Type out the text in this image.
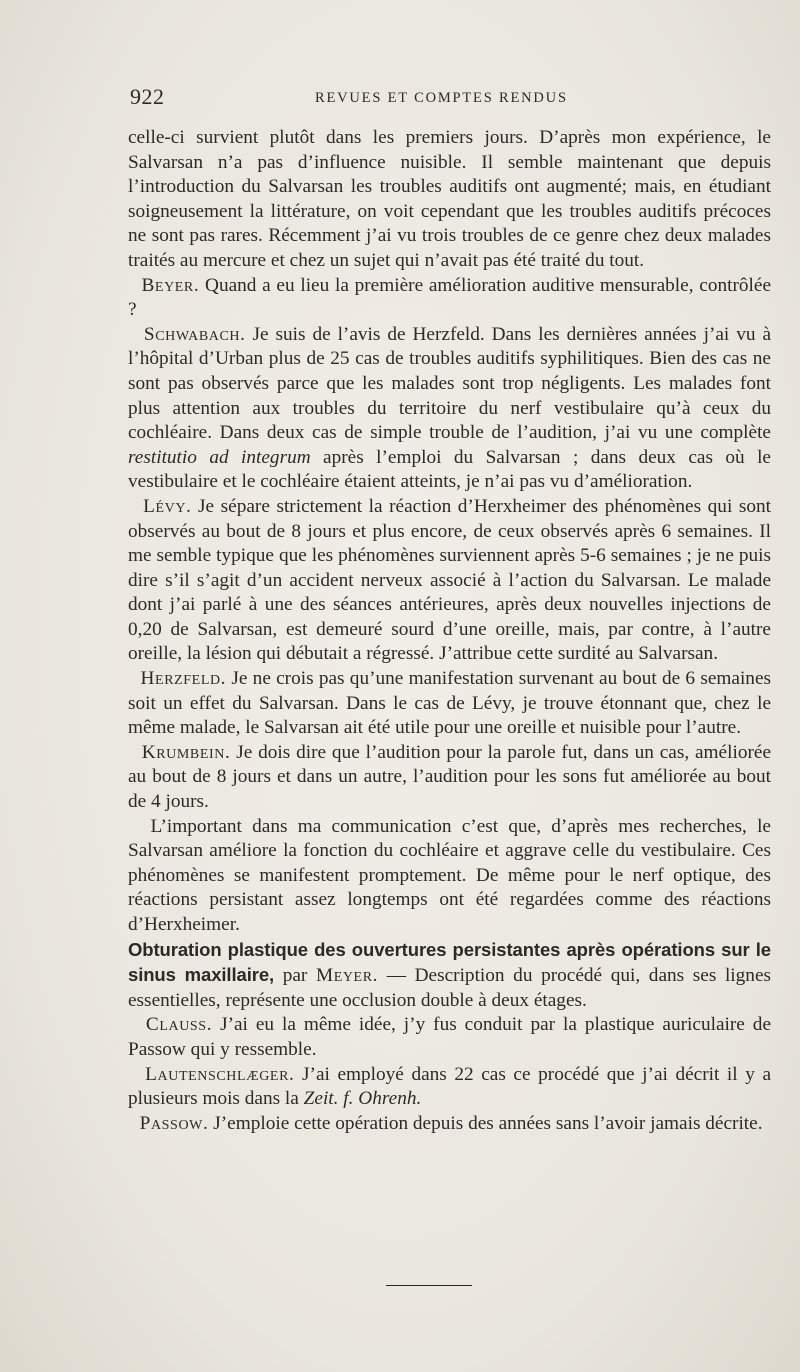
922	REVUES ET COMPTES RENDUS

celle-ci survient plutôt dans les premiers jours. D’après mon expérience, le Salvarsan n’a pas d’influence nuisible. Il semble maintenant que depuis l’introduction du Salvarsan les troubles auditifs ont augmenté; mais, en étudiant soigneusement la littérature, on voit cependant que les troubles auditifs précoces ne sont pas rares. Récemment j’ai vu trois troubles de ce genre chez deux malades traités au mercure et chez un sujet qui n’avait pas été traité du tout.

Beyer. Quand a eu lieu la première amélioration auditive mensurable, contrôlée ?

Schwabach. Je suis de l’avis de Herzfeld. Dans les dernières années j’ai vu à l’hôpital d’Urban plus de 25 cas de troubles auditifs syphilitiques. Bien des cas ne sont pas observés parce que les malades sont trop négligents. Les malades font plus attention aux troubles du territoire du nerf vestibulaire qu’à ceux du cochléaire. Dans deux cas de simple trouble de l’audition, j’ai vu une complète restitutio ad integrum après l’emploi du Salvarsan ; dans deux cas où le vestibulaire et le cochléaire étaient atteints, je n’ai pas vu d’amélioration.

Lévy. Je sépare strictement la réaction d’Herxheimer des phénomènes qui sont observés au bout de 8 jours et plus encore, de ceux observés après 6 semaines. Il me semble typique que les phénomènes surviennent après 5-6 semaines ; je ne puis dire s’il s’agit d’un accident nerveux associé à l’action du Salvarsan. Le malade dont j’ai parlé à une des séances antérieures, après deux nouvelles injections de 0,20 de Salvarsan, est demeuré sourd d’une oreille, mais, par contre, à l’autre oreille, la lésion qui débutait a régressé. J’attribue cette surdité au Salvarsan.

Herzfeld. Je ne crois pas qu’une manifestation survenant au bout de 6 semaines soit un effet du Salvarsan. Dans le cas de Lévy, je trouve étonnant que, chez le même malade, le Salvarsan ait été utile pour une oreille et nuisible pour l’autre.

Krumbein. Je dois dire que l’audition pour la parole fut, dans un cas, améliorée au bout de 8 jours et dans un autre, l’audition pour les sons fut améliorée au bout de 4 jours.

L’important dans ma communication c’est que, d’après mes recherches, le Salvarsan améliore la fonction du cochléaire et aggrave celle du vestibulaire. Ces phénomènes se manifestent promptement. De même pour le nerf optique, des réactions persistant assez longtemps ont été regardées comme des réactions d’Herxheimer.

Obturation plastique des ouvertures persistantes après opérations sur le sinus maxillaire, par Meyer. — Description du procédé qui, dans ses lignes essentielles, représente une occlusion double à deux étages.

Clauss. J’ai eu la même idée, j’y fus conduit par la plastique auriculaire de Passow qui y ressemble.

Lautenschlæger. J’ai employé dans 22 cas ce procédé que j’ai décrit il y a plusieurs mois dans la Zeit. f. Ohrenh.

Passow. J’emploie cette opération depuis des années sans l’avoir jamais décrite.
